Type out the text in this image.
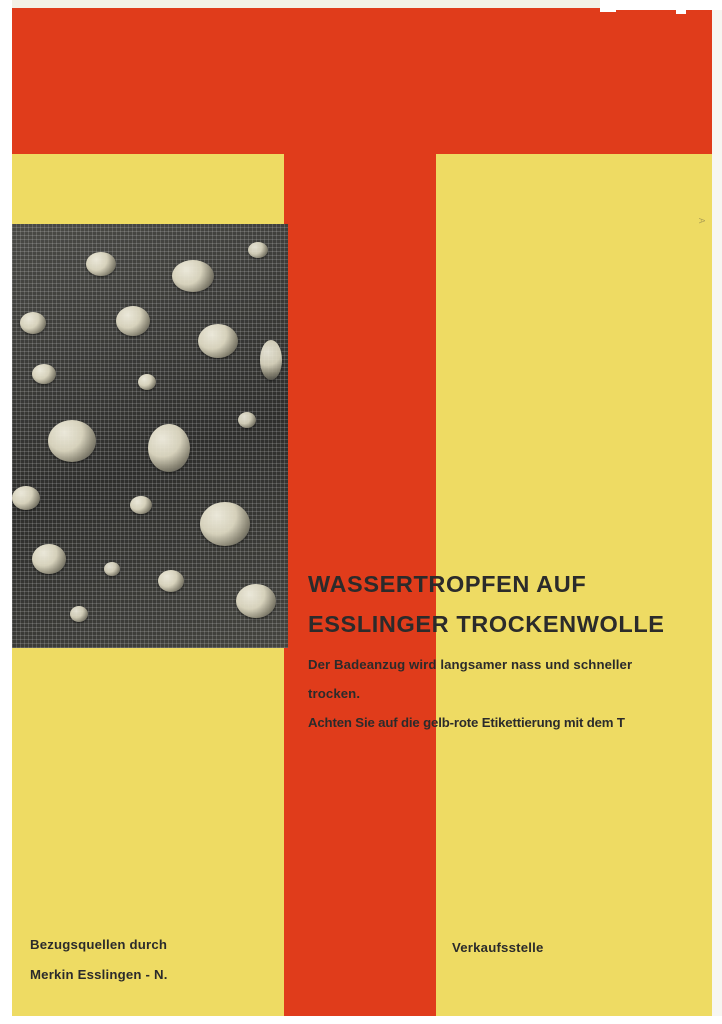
WASSERTROPFEN AUF
ESSLINGER TROCKENWOLLE
Der Badeanzug wird langsamer nass und schneller
trocken.
Achten Sie auf die gelb-rote Etikettierung mit dem T
Bezugsquellen durch
Merkin Esslingen - N.
Verkaufsstelle
A
